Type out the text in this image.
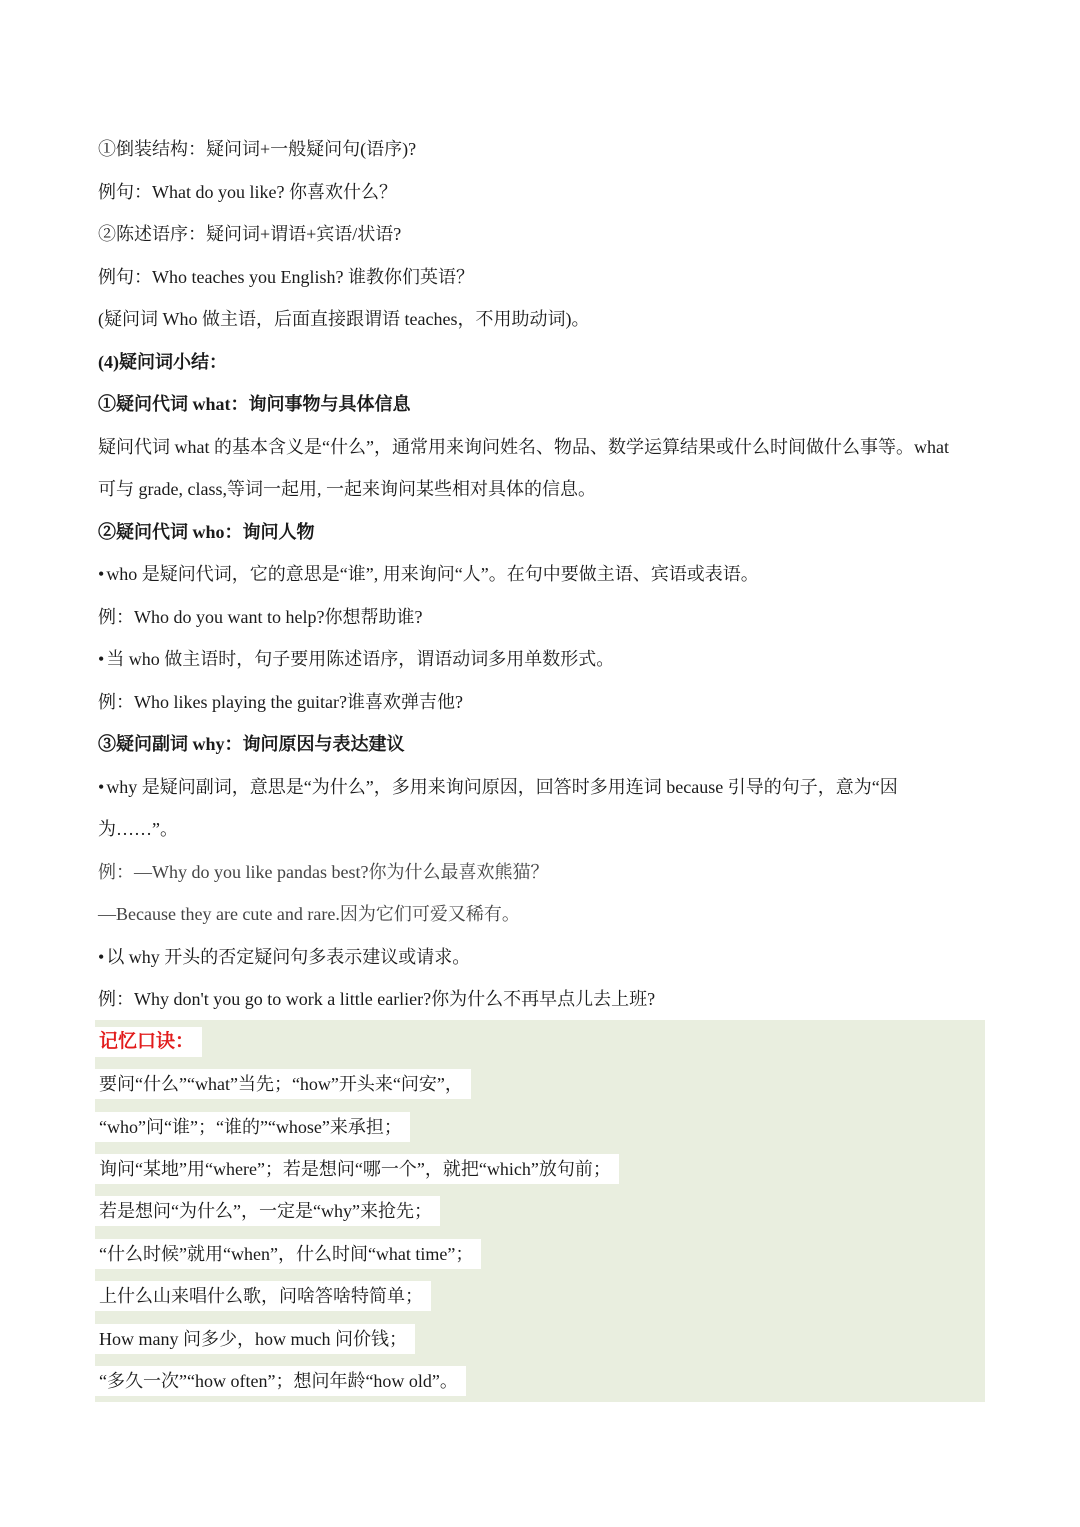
①倒装结构：疑问词+一般疑问句(语序)?
例句：What do you like? 你喜欢什么？
②陈述语序：疑问词+谓语+宾语/状语?
例句：Who teaches you English? 谁教你们英语？
(疑问词 Who 做主语，后面直接跟谓语 teaches，不用助动词)。
(4)疑问词小结：
①疑问代词 what：询问事物与具体信息
疑问代词 what 的基本含义是“什么”，通常用来询问姓名、物品、数学运算结果或什么时间做什么事等。what
可与 grade, class,等词一起用, 一起来询问某些相对具体的信息。
②疑问代词 who：询问人物
• who 是疑问代词，它的意思是“谁”, 用来询问“人”。在句中要做主语、宾语或表语。
例：Who do you want to help?你想帮助谁?
• 当 who 做主语时，句子要用陈述语序，谓语动词多用单数形式。
例：Who likes playing the guitar?谁喜欢弹吉他?
③疑问副词 why：询问原因与表达建议
• why 是疑问副词，意思是“为什么”，多用来询问原因，回答时多用连词 because 引导的句子，意为“因
为……”。
例：—Why do you like pandas best?你为什么最喜欢熊猫？
—Because they are cute and rare.因为它们可爱又稀有。
• 以 why 开头的否定疑问句多表示建议或请求。
例：Why don't you go to work a little earlier?你为什么不再早点儿去上班?
记忆口诀：
要问“什么”“what”当先；“how”开头来“问安”，
“who”问“谁”；“谁的”“whose”来承担；
询问“某地”用“where”；若是想问“哪一个”，就把“which”放句前；
若是想问“为什么”，一定是“why”来抢先；
“什么时候”就用“when”，什么时间“what time”；
上什么山来唱什么歌，问啥答啥特简单；
How many 问多少，how much 问价钱；
“多久一次”“how often”；想问年龄“how old”。
